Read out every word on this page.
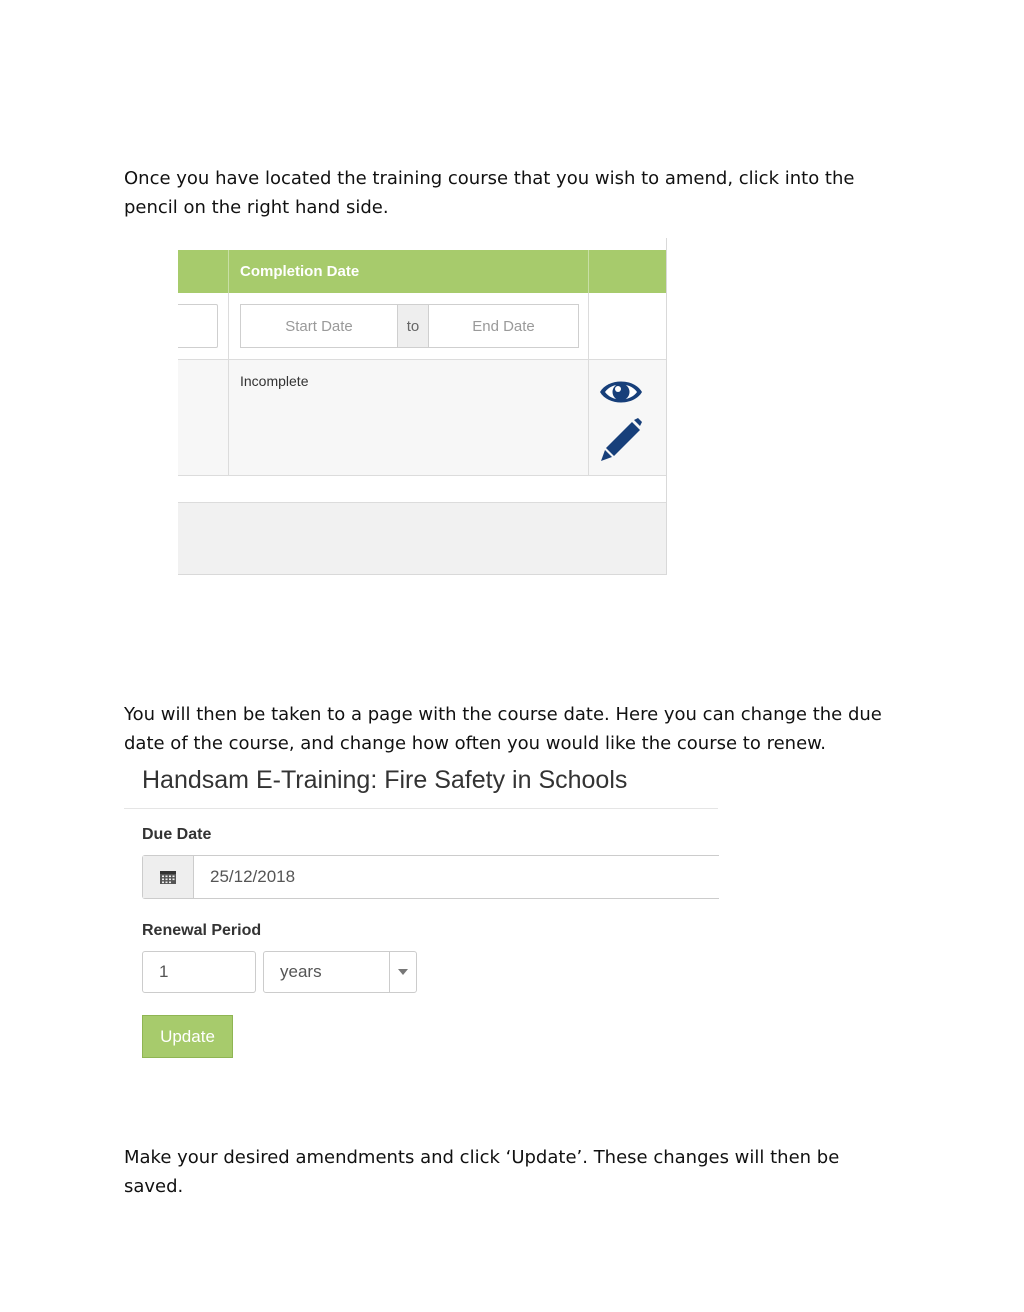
Once you have located the training course that you wish to amend, click into the pencil on the right hand side.

Completion Date
Start Date	to	End Date
Incomplete

You will then be taken to a page with the course date. Here you can change the due date of the course, and change how often you would like the course to renew.

Handsam E-Training: Fire Safety in Schools
Due Date
25/12/2018
Renewal Period
1	years
Update

Make your desired amendments and click ‘Update’. These changes will then be saved.
